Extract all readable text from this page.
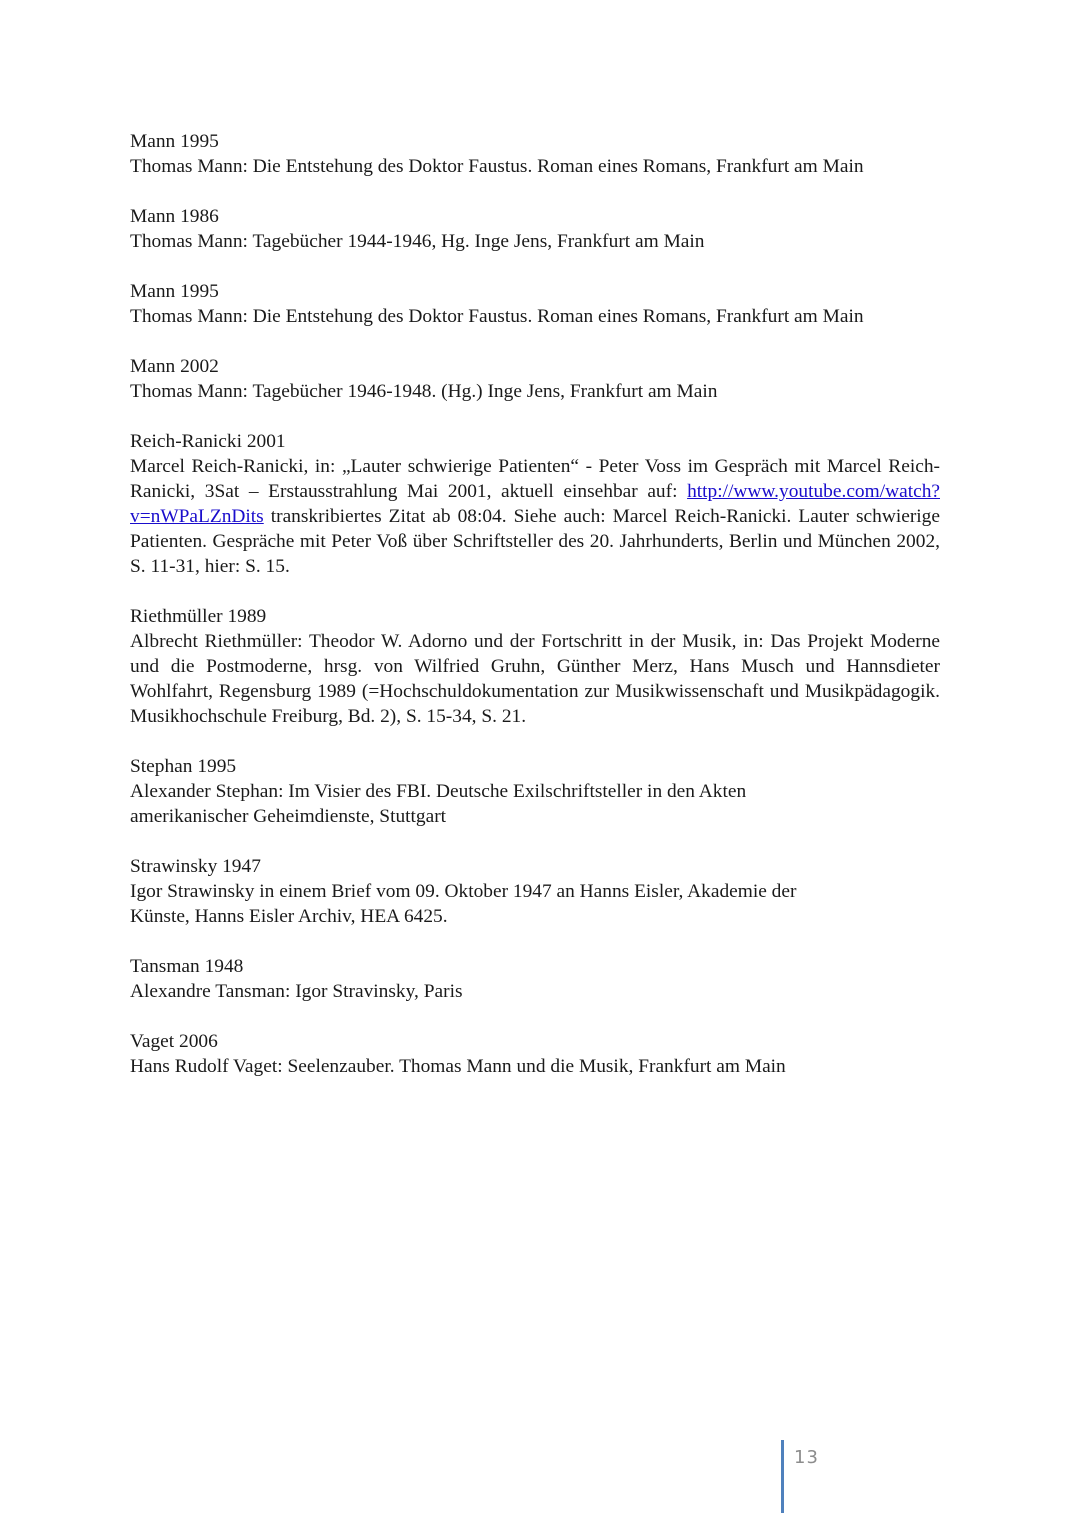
Mann 1995
Thomas Mann: Die Entstehung des Doktor Faustus. Roman eines Romans, Frankfurt am Main
Mann 1986
Thomas Mann: Tagebücher 1944-1946, Hg. Inge Jens, Frankfurt am Main
Mann 1995
Thomas Mann: Die Entstehung des Doktor Faustus. Roman eines Romans, Frankfurt am Main
Mann 2002
Thomas Mann: Tagebücher 1946-1948. (Hg.) Inge Jens, Frankfurt am Main
Reich-Ranicki 2001
Marcel Reich-Ranicki, in: „Lauter schwierige Patienten“ - Peter Voss im Gespräch mit Marcel Reich-Ranicki, 3Sat – Erstausstrahlung Mai 2001, aktuell einsehbar auf: http://www.youtube.com/watch?v=nWPaLZnDits transkribiertes Zitat ab 08:04. Siehe auch: Marcel Reich-Ranicki. Lauter schwierige Patienten. Gespräche mit Peter Voß über Schriftsteller des 20. Jahrhunderts, Berlin und München 2002, S. 11-31, hier: S. 15.
Riethmüller 1989
Albrecht Riethmüller: Theodor W. Adorno und der Fortschritt in der Musik, in: Das Projekt Moderne und die Postmoderne, hrsg. von Wilfried Gruhn, Günther Merz, Hans Musch und Hannsdieter Wohlfahrt, Regensburg 1989 (=Hochschuldokumentation zur Musikwissenschaft und Musikpädagogik. Musikhochschule Freiburg, Bd. 2), S. 15-34, S. 21.
Stephan 1995
Alexander Stephan: Im Visier des FBI. Deutsche Exilschriftsteller in den Akten
amerikanischer Geheimdienste, Stuttgart
Strawinsky 1947
Igor Strawinsky in einem Brief vom 09. Oktober 1947 an Hanns Eisler, Akademie der
Künste, Hanns Eisler Archiv, HEA 6425.
Tansman 1948
Alexandre Tansman: Igor Stravinsky, Paris
Vaget 2006
Hans Rudolf Vaget: Seelenzauber. Thomas Mann und die Musik, Frankfurt am Main
13
